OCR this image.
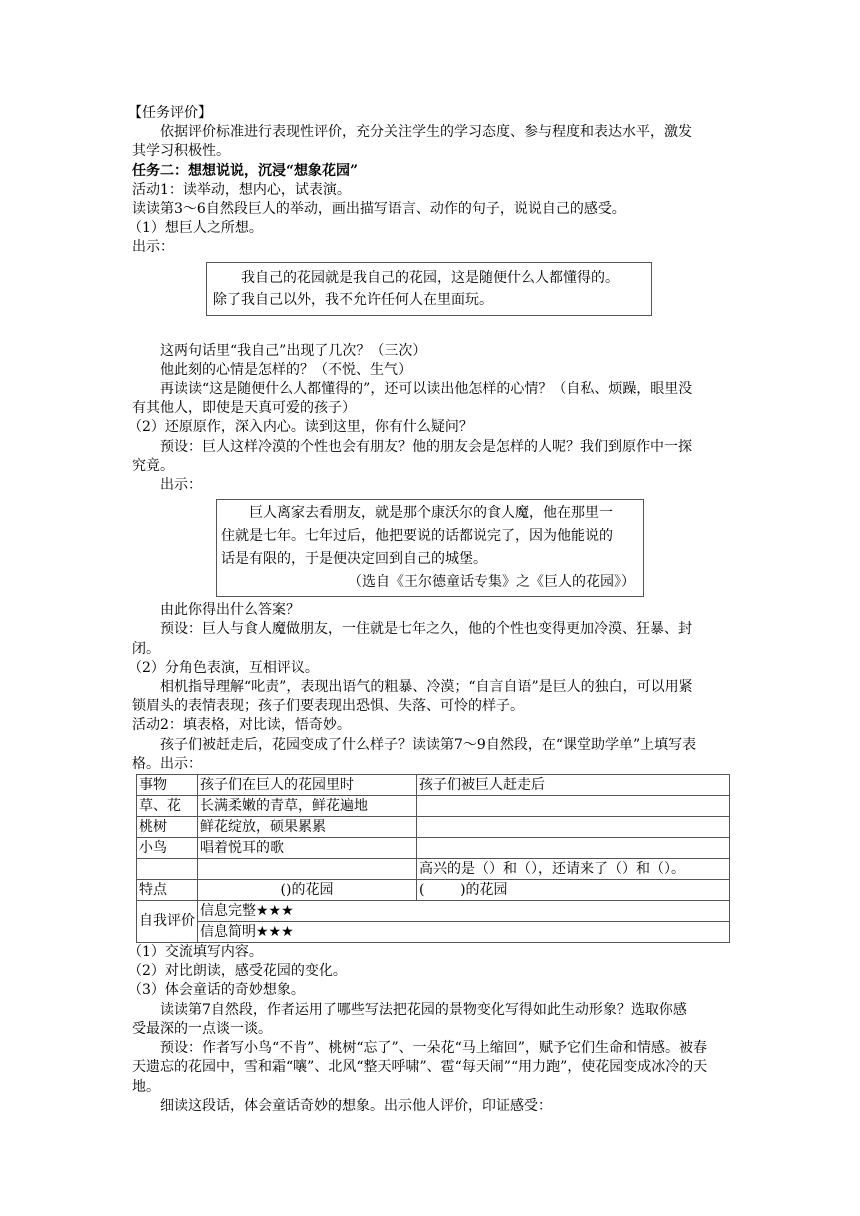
【任务评价】
依据评价标准进行表现性评价，充分关注学生的学习态度、参与程度和表达水平，激发
其学习积极性。
任务二：想想说说，沉浸“想象花园”
活动1：读举动，想内心，试表演。
读读第3～6自然段巨人的举动，画出描写语言、动作的句子，说说自己的感受。
（1）想巨人之所想。
出示：

我自己的花园就是我自己的花园，这是随便什么人都懂得的。

除了我自己以外，我不允许任何人在里面玩。

这两句话里“我自己”出现了几次？（三次）
他此刻的心情是怎样的？（不悦、生气）
再读读“这是随便什么人都懂得的”，还可以读出他怎样的心情？（自私、烦躁，眼里没
有其他人，即使是天真可爱的孩子）
（2）还原原作，深入内心。读到这里，你有什么疑问？
预设：巨人这样冷漠的个性也会有朋友？他的朋友会是怎样的人呢？我们到原作中一探
究竟。
出示：

巨人离家去看朋友，就是那个康沃尔的食人魔，他在那里一

住就是七年。七年过后，他把要说的话都说完了，因为他能说的

话是有限的，于是便决定回到自己的城堡。

（选自《王尔德童话专集》之《巨人的花园》）

由此你得出什么答案？
预设：巨人与食人魔做朋友，一住就是七年之久，他的个性也变得更加冷漠、狂暴、封
闭。
（2）分角色表演，互相评议。
相机指导理解“叱责”，表现出语气的粗暴、冷漠；“自言自语”是巨人的独白，可以用紧
锁眉头的表情表现；孩子们要表现出恐惧、失落、可怜的样子。
活动2：填表格，对比读，悟奇妙。
孩子们被赶走后，花园变成了什么样子？读读第7～9自然段，在“课堂助学单”上填写表
格。出示：
事物	孩子们在巨人的花园里时	孩子们被巨人赶走后
草、花	长满柔嫩的青草，鲜花遍地	
桃树	鲜花绽放，硕果累累	
小鸟	唱着悦耳的歌	
		高兴的是（）和（），还请来了（）和（）。
特点	()的花园	(        )的花园
自我评价	信息完整★★★	
	信息简明★★★	
（1）交流填写内容。
（2）对比朗读，感受花园的变化。
（3）体会童话的奇妙想象。
读读第7自然段，作者运用了哪些写法把花园的景物变化写得如此生动形象？选取你感
受最深的一点谈一谈。
预设：作者写小鸟“不肯”、桃树“忘了”、一朵花“马上缩回”，赋予它们生命和情感。被春
天遗忘的花园中，雪和霜“嚷”、北风“整天呼啸”、雹“每天闹”“用力跑”，使花园变成冰冷的天
地。
细读这段话，体会童话奇妙的想象。出示他人评价，印证感受：
